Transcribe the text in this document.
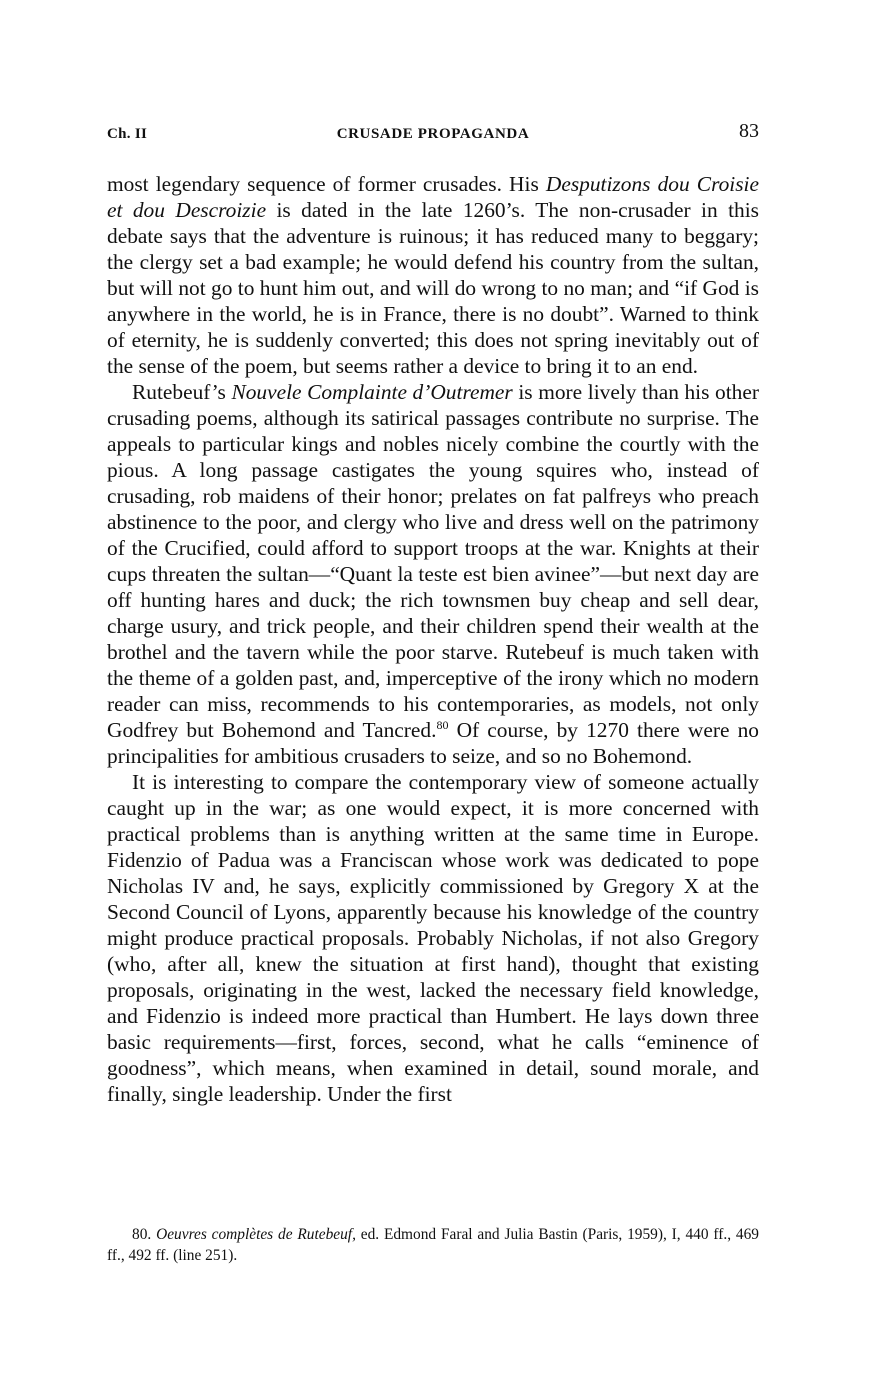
Ch. II	CRUSADE PROPAGANDA	83

most legendary sequence of former crusades. His Desputizons dou Croisie et dou Descroizie is dated in the late 1260’s. The non-crusader in this debate says that the adventure is ruinous; it has reduced many to beggary; the clergy set a bad example; he would defend his country from the sultan, but will not go to hunt him out, and will do wrong to no man; and “if God is anywhere in the world, he is in France, there is no doubt”. Warned to think of eternity, he is suddenly converted; this does not spring inevitably out of the sense of the poem, but seems rather a device to bring it to an end.

Rutebeuf’s Nouvele Complainte d’Outremer is more lively than his other crusading poems, although its satirical passages contribute no surprise. The appeals to particular kings and nobles nicely combine the courtly with the pious. A long passage castigates the young squires who, instead of crusading, rob maidens of their honor; prelates on fat palfreys who preach abstinence to the poor, and clergy who live and dress well on the patrimony of the Crucified, could afford to support troops at the war. Knights at their cups threaten the sultan—“Quant la teste est bien avinee”—but next day are off hunting hares and duck; the rich townsmen buy cheap and sell dear, charge usury, and trick people, and their children spend their wealth at the brothel and the tavern while the poor starve. Rutebeuf is much taken with the theme of a golden past, and, imperceptive of the irony which no modern reader can miss, recommends to his contemporaries, as models, not only Godfrey but Bohemond and Tancred.$^{80}$ Of course, by 1270 there were no principalities for ambitious crusaders to seize, and so no Bohemond.

It is interesting to compare the contemporary view of someone actually caught up in the war; as one would expect, it is more concerned with practical problems than is anything written at the same time in Europe. Fidenzio of Padua was a Franciscan whose work was dedicated to pope Nicholas IV and, he says, explicitly commissioned by Gregory X at the Second Council of Lyons, apparently because his knowledge of the country might produce practical proposals. Probably Nicholas, if not also Gregory (who, after all, knew the situation at first hand), thought that existing proposals, originating in the west, lacked the necessary field knowledge, and Fidenzio is indeed more practical than Humbert. He lays down three basic requirements—first, forces, second, what he calls “eminence of goodness”, which means, when examined in detail, sound morale, and finally, single leadership. Under the first

80. Oeuvres complètes de Rutebeuf, ed. Edmond Faral and Julia Bastin (Paris, 1959), I, 440 ff., 469 ff., 492 ff. (line 251).
